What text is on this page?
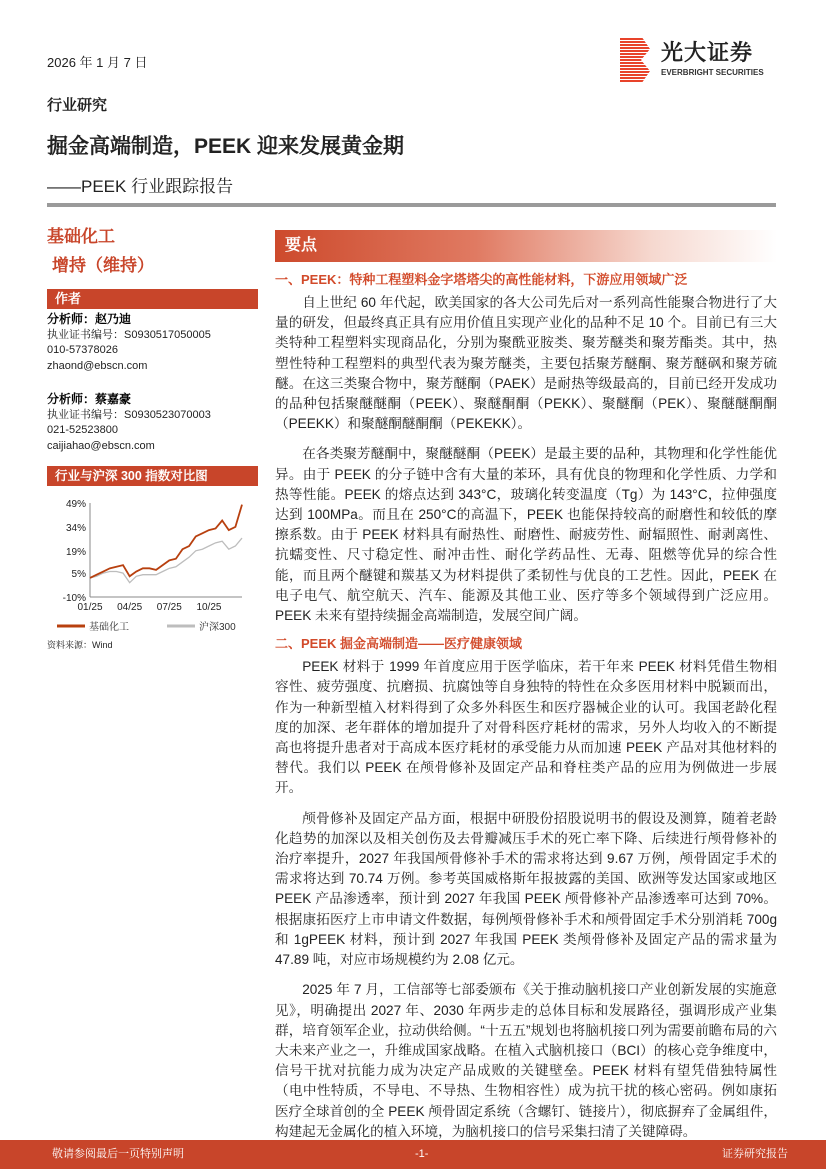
2026 年 1 月 7 日	光大证券
EVERBRIGHT SECURITIES
行业研究
掘金高端制造，PEEK 迎来发展黄金期
——PEEK 行业跟踪报告
基础化工
增持（维持）
作者
分析师：赵乃迪
执业证书编号：S0930517050005
010-57378026
zhaond@ebscn.com
分析师：蔡嘉豪
执业证书编号：S0930523070003
021-52523800
caijiahao@ebscn.com
行业与沪深 300 指数对比图
49%
34%
19%
5%
-10%
01/25 04/25 07/25 10/25
基础化工	沪深300
资料来源：Wind
要点
一、PEEK：特种工程塑料金字塔塔尖的高性能材料，下游应用领域广泛
自上世纪 60 年代起，欧美国家的各大公司先后对一系列高性能聚合物进行了大量的研发，但最终真正具有应用价值且实现产业化的品种不足 10 个。目前已有三大类特种工程塑料实现商品化，分别为聚酰亚胺类、聚芳醚类和聚芳酯类。其中，热塑性特种工程塑料的典型代表为聚芳醚类，主要包括聚芳醚酮、聚芳醚砜和聚芳硫醚。在这三类聚合物中，聚芳醚酮（PAEK）是耐热等级最高的，目前已经开发成功的品种包括聚醚醚酮（PEEK）、聚醚酮酮（PEKK）、聚醚酮（PEK）、聚醚醚酮酮（PEEKK）和聚醚酮醚酮酮（PEKEKK）。
在各类聚芳醚酮中，聚醚醚酮（PEEK）是最主要的品种，其物理和化学性能优异。由于 PEEK 的分子链中含有大量的苯环，具有优良的物理和化学性质、力学和热等性能。PEEK 的熔点达到 343°C，玻璃化转变温度（Tg）为 143°C，拉伸强度达到 100MPa。而且在 250°C的高温下，PEEK 也能保持较高的耐磨性和较低的摩擦系数。由于 PEEK 材料具有耐热性、耐磨性、耐疲劳性、耐辐照性、耐剥离性、抗蠕变性、尺寸稳定性、耐冲击性、耐化学药品性、无毒、阻燃等优异的综合性能，而且两个醚键和羰基又为材料提供了柔韧性与优良的工艺性。因此，PEEK 在电子电气、航空航天、汽车、能源及其他工业、医疗等多个领域得到广泛应用。PEEK 未来有望持续掘金高端制造，发展空间广阔。
二、PEEK 掘金高端制造——医疗健康领域
PEEK 材料于 1999 年首度应用于医学临床，若干年来 PEEK 材料凭借生物相容性、疲劳强度、抗磨损、抗腐蚀等自身独特的特性在众多医用材料中脱颖而出，作为一种新型植入材料得到了众多外科医生和医疗器械企业的认可。我国老龄化程度的加深、老年群体的增加提升了对骨科医疗耗材的需求，另外人均收入的不断提高也将提升患者对于高成本医疗耗材的承受能力从而加速 PEEK 产品对其他材料的替代。我们以 PEEK 在颅骨修补及固定产品和脊柱类产品的应用为例做进一步展开。
颅骨修补及固定产品方面，根据中研股份招股说明书的假设及测算，随着老龄化趋势的加深以及相关创伤及去骨瓣减压手术的死亡率下降、后续进行颅骨修补的治疗率提升，2027 年我国颅骨修补手术的需求将达到 9.67 万例，颅骨固定手术的需求将达到 70.74 万例。参考英国威格斯年报披露的美国、欧洲等发达国家或地区 PEEK 产品渗透率，预计到 2027 年我国 PEEK 颅骨修补产品渗透率可达到 70%。根据康拓医疗上市申请文件数据，每例颅骨修补手术和颅骨固定手术分别消耗 700g 和 1gPEEK 材料，预计到 2027 年我国 PEEK 类颅骨修补及固定产品的需求量为 47.89 吨，对应市场规模约为 2.08 亿元。
2025 年 7 月，工信部等七部委颁布《关于推动脑机接口产业创新发展的实施意见》，明确提出 2027 年、2030 年两步走的总体目标和发展路径，强调形成产业集群，培育领军企业，拉动供给侧。“十五五”规划也将脑机接口列为需要前瞻布局的六大未来产业之一，升维成国家战略。在植入式脑机接口（BCI）的核心竞争维度中，信号干扰对抗能力成为决定产品成败的关键壁垒。PEEK 材料有望凭借独特属性（电中性特质，不导电、不导热、生物相容性）成为抗干扰的核心密码。例如康拓医疗全球首创的全 PEEK 颅骨固定系统（含螺钉、链接片），彻底摒弃了金属组件，构建起无金属化的植入环境，为脑机接口的信号采集扫清了关键障碍。
敬请参阅最后一页特别声明	-1-	证券研究报告
